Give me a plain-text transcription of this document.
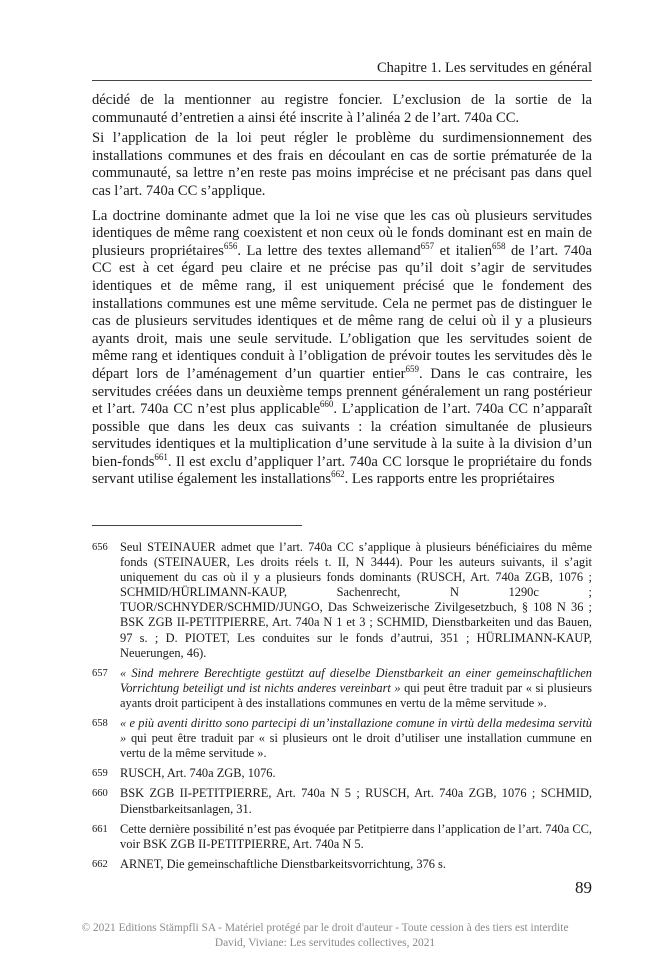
Chapitre 1. Les servitudes en général

décidé de la mentionner au registre foncier. L’exclusion de la sortie de la communauté d’entretien a ainsi été inscrite à l’alinéa 2 de l’art. 740a CC.

Si l’application de la loi peut régler le problème du surdimensionnement des installations communes et des frais en découlant en cas de sortie prématurée de la communauté, sa lettre n’en reste pas moins imprécise et ne précisant pas dans quel cas l’art. 740a CC s’applique.

La doctrine dominante admet que la loi ne vise que les cas où plusieurs servitudes identiques de même rang coexistent et non ceux où le fonds dominant est en main de plusieurs propriétaires$^{656}$. La lettre des textes allemand$^{657}$ et italien$^{658}$ de l’art. 740a CC est à cet égard peu claire et ne précise pas qu’il doit s’agir de servitudes identiques et de même rang, il est uniquement précisé que le fondement des installations communes est une même servitude. Cela ne permet pas de distinguer le cas de plusieurs servitudes identiques et de même rang de celui où il y a plusieurs ayants droit, mais une seule servitude. L’obligation que les servitudes soient de même rang et identiques conduit à l’obligation de prévoir toutes les servitudes dès le départ lors de l’aménagement d’un quartier entier$^{659}$. Dans le cas contraire, les servitudes créées dans un deuxième temps prennent généralement un rang postérieur et l’art. 740a CC n’est plus applicable$^{660}$. L’application de l’art. 740a CC n’apparaît possible que dans les deux cas suivants : la création simultanée de plusieurs servitudes identiques et la multiplication d’une servitude à la suite à la division d’un bien-fonds$^{661}$. Il est exclu d’appliquer l’art. 740a CC lorsque le propriétaire du fonds servant utilise également les installations$^{662}$. Les rapports entre les propriétaires

656 Seul STEINAUER admet que l’art. 740a CC s’applique à plusieurs bénéficiaires du même fonds (STEINAUER, Les droits réels t. II, N 3444). Pour les auteurs suivants, il s’agit uniquement du cas où il y a plusieurs fonds dominants (RUSCH, Art. 740a ZGB, 1076 ; SCHMID/HÜRLIMANN-KAUP, Sachenrecht, N 1290c ; TUOR/SCHNYDER/SCHMID/JUNGO, Das Schweizerische Zivilgesetzbuch, § 108 N 36 ; BSK ZGB II-PETITPIERRE, Art. 740a N 1 et 3 ; SCHMID, Dienstbarkeiten und das Bauen, 97 s. ; D. PIOTET, Les conduites sur le fonds d’autrui, 351 ; HÜRLIMANN-KAUP, Neuerungen, 46).
657 « Sind mehrere Berechtigte gestützt auf dieselbe Dienstbarkeit an einer gemeinschaftlichen Vorrichtung beteiligt und ist nichts anderes vereinbart » qui peut être traduit par « si plusieurs ayants droit participent à des installations communes en vertu de la même servitude ».
658 « e più aventi diritto sono partecipi di un’installazione comune in virtù della medesima servitù » qui peut être traduit par « si plusieurs ont le droit d’utiliser une installation cummune en vertu de la même servitude ».
659 RUSCH, Art. 740a ZGB, 1076.
660 BSK ZGB II-PETITPIERRE, Art. 740a N 5 ; RUSCH, Art. 740a ZGB, 1076 ; SCHMID, Dienstbarkeitsanlagen, 31.
661 Cette dernière possibilité n’est pas évoquée par Petitpierre dans l’application de l’art. 740a CC, voir BSK ZGB II-PETITPIERRE, Art. 740a N 5.
662 ARNET, Die gemeinschaftliche Dienstbarkeitsvorrichtung, 376 s.
89
© 2021 Editions Stämpfli SA - Matériel protégé par le droit d'auteur - Toute cession à des tiers est interdite
David, Viviane: Les servitudes collectives, 2021
